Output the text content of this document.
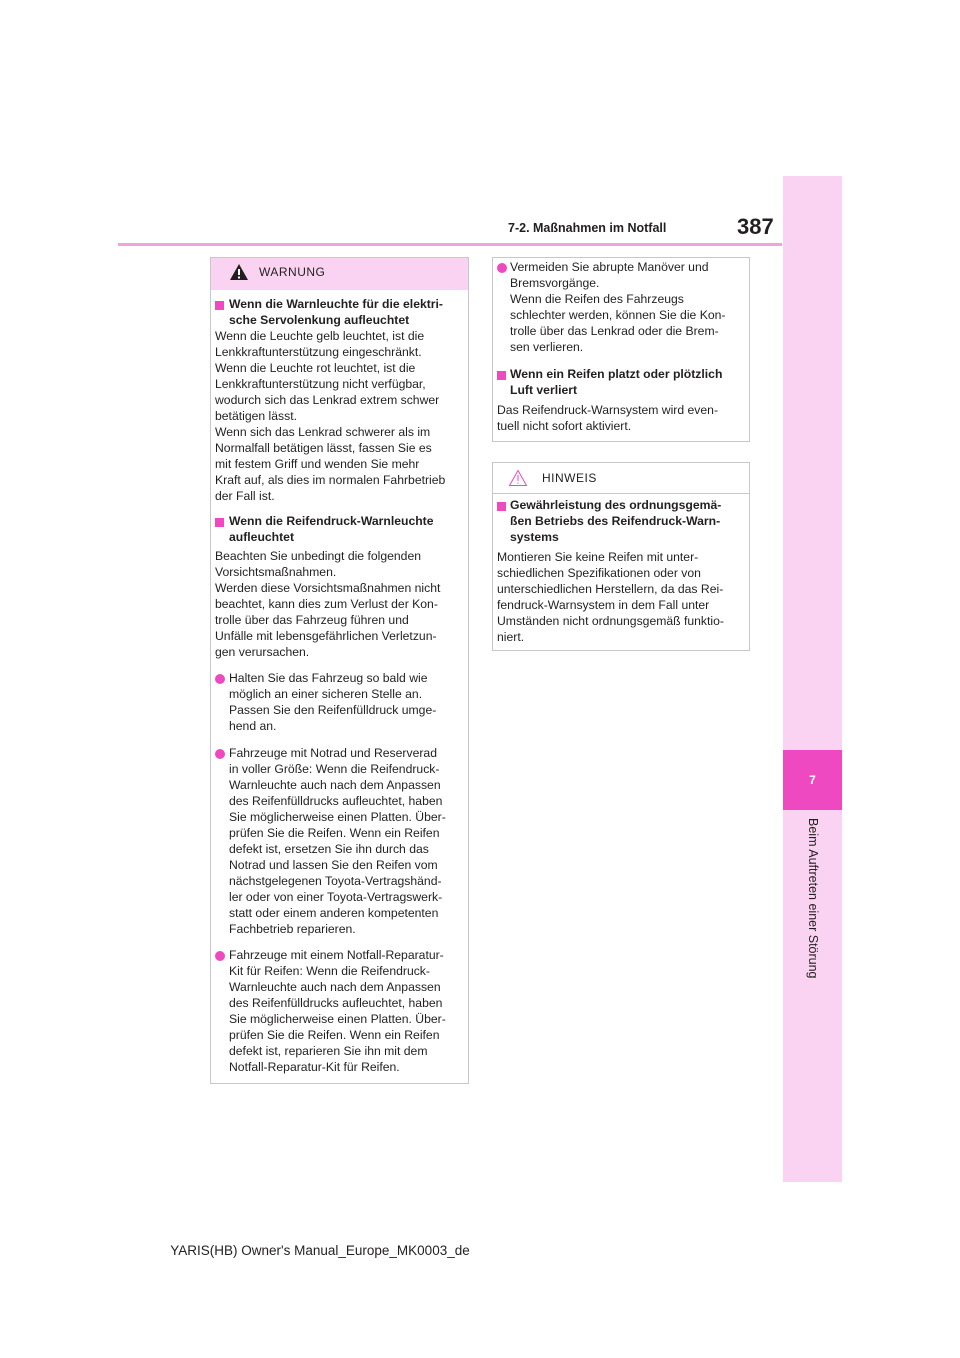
7-2. Maßnahmen im Notfall	387
7
Beim Auftreten einer Störung
WARNUNG
Wenn die Warnleuchte für die elektri-
sche Servolenkung aufleuchtet
Wenn die Leuchte gelb leuchtet, ist die
Lenkkraftunterstützung eingeschränkt.
Wenn die Leuchte rot leuchtet, ist die
Lenkkraftunterstützung nicht verfügbar,
wodurch sich das Lenkrad extrem schwer
betätigen lässt.
Wenn sich das Lenkrad schwerer als im
Normalfall betätigen lässt, fassen Sie es
mit festem Griff und wenden Sie mehr
Kraft auf, als dies im normalen Fahrbetrieb
der Fall ist.
Wenn die Reifendruck-Warnleuchte
aufleuchtet
Beachten Sie unbedingt die folgenden
Vorsichtsmaßnahmen.
Werden diese Vorsichtsmaßnahmen nicht
beachtet, kann dies zum Verlust der Kon-
trolle über das Fahrzeug führen und
Unfälle mit lebensgefährlichen Verletzun-
gen verursachen.
Halten Sie das Fahrzeug so bald wie
möglich an einer sicheren Stelle an.
Passen Sie den Reifenfülldruck umge-
hend an.
Fahrzeuge mit Notrad und Reserverad
in voller Größe: Wenn die Reifendruck-
Warnleuchte auch nach dem Anpassen
des Reifenfülldrucks aufleuchtet, haben
Sie möglicherweise einen Platten. Über-
prüfen Sie die Reifen. Wenn ein Reifen
defekt ist, ersetzen Sie ihn durch das
Notrad und lassen Sie den Reifen vom
nächstgelegenen Toyota-Vertragshänd-
ler oder von einer Toyota-Vertragswerk-
statt oder einem anderen kompetenten
Fachbetrieb reparieren.
Fahrzeuge mit einem Notfall-Reparatur-
Kit für Reifen: Wenn die Reifendruck-
Warnleuchte auch nach dem Anpassen
des Reifenfülldrucks aufleuchtet, haben
Sie möglicherweise einen Platten. Über-
prüfen Sie die Reifen. Wenn ein Reifen
defekt ist, reparieren Sie ihn mit dem
Notfall-Reparatur-Kit für Reifen.
Vermeiden Sie abrupte Manöver und
Bremsvorgänge.
Wenn die Reifen des Fahrzeugs
schlechter werden, können Sie die Kon-
trolle über das Lenkrad oder die Brem-
sen verlieren.
Wenn ein Reifen platzt oder plötzlich
Luft verliert
Das Reifendruck-Warnsystem wird even-
tuell nicht sofort aktiviert.
HINWEIS
Gewährleistung des ordnungsgemä-
ßen Betriebs des Reifendruck-Warn-
systems
Montieren Sie keine Reifen mit unter-
schiedlichen Spezifikationen oder von
unterschiedlichen Herstellern, da das Rei-
fendruck-Warnsystem in dem Fall unter
Umständen nicht ordnungsgemäß funktio-
niert.
YARIS(HB) Owner's Manual_Europe_MK0003_de
